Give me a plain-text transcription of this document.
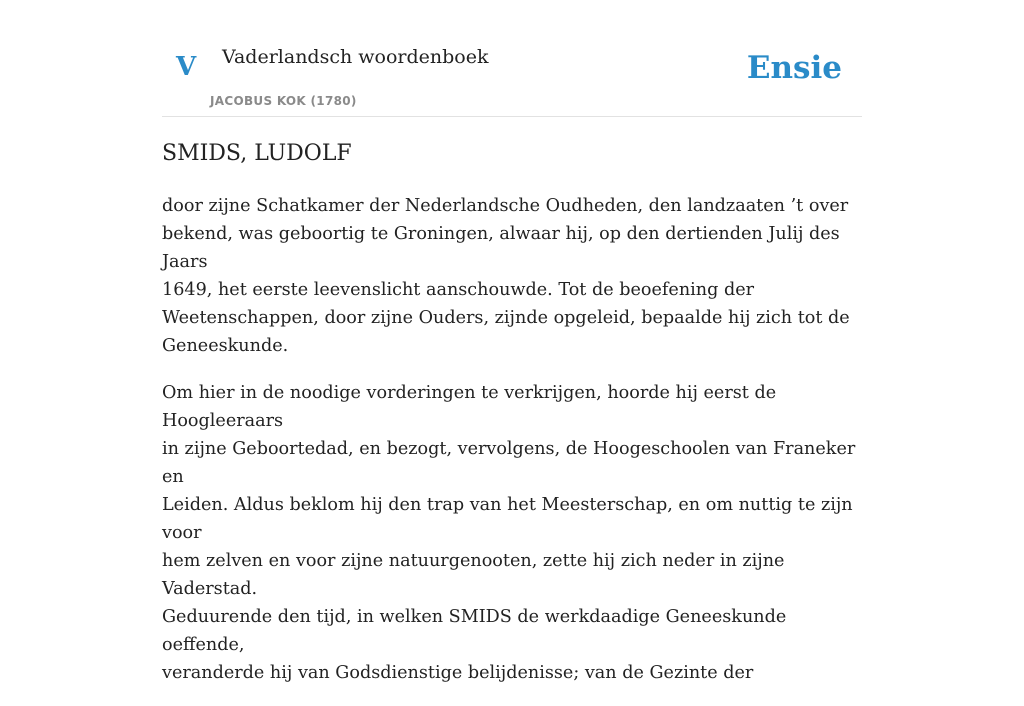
V Vaderlandsch woordenboek
JACOBUS KOK (1780)
Ensie
SMIDS, LUDOLF

door zijne Schatkamer der Nederlandsche Oudheden, den landzaaten ’t over
bekend, was geboortig te Groningen, alwaar hij, op den dertienden Julij des Jaars
1649, het eerste leevenslicht aanschouwde. Tot de beoefening der
Weetenschappen, door zijne Ouders, zijnde opgeleid, bepaalde hij zich tot de
Geneeskunde.

Om hier in de noodige vorderingen te verkrijgen, hoorde hij eerst de Hoogleeraars
in zijne Geboortedad, en bezogt, vervolgens, de Hoogeschoolen van Franeker en
Leiden. Aldus beklom hij den trap van het Meesterschap, en om nuttig te zijn voor
hem zelven en voor zijne natuurgenooten, zette hij zich neder in zijne Vaderstad.
Geduurende den tijd, in welken SMIDS de werkdaadige Geneeskunde oeffende,
veranderde hij van Godsdienstige belijdenisse; van de Gezinte der
